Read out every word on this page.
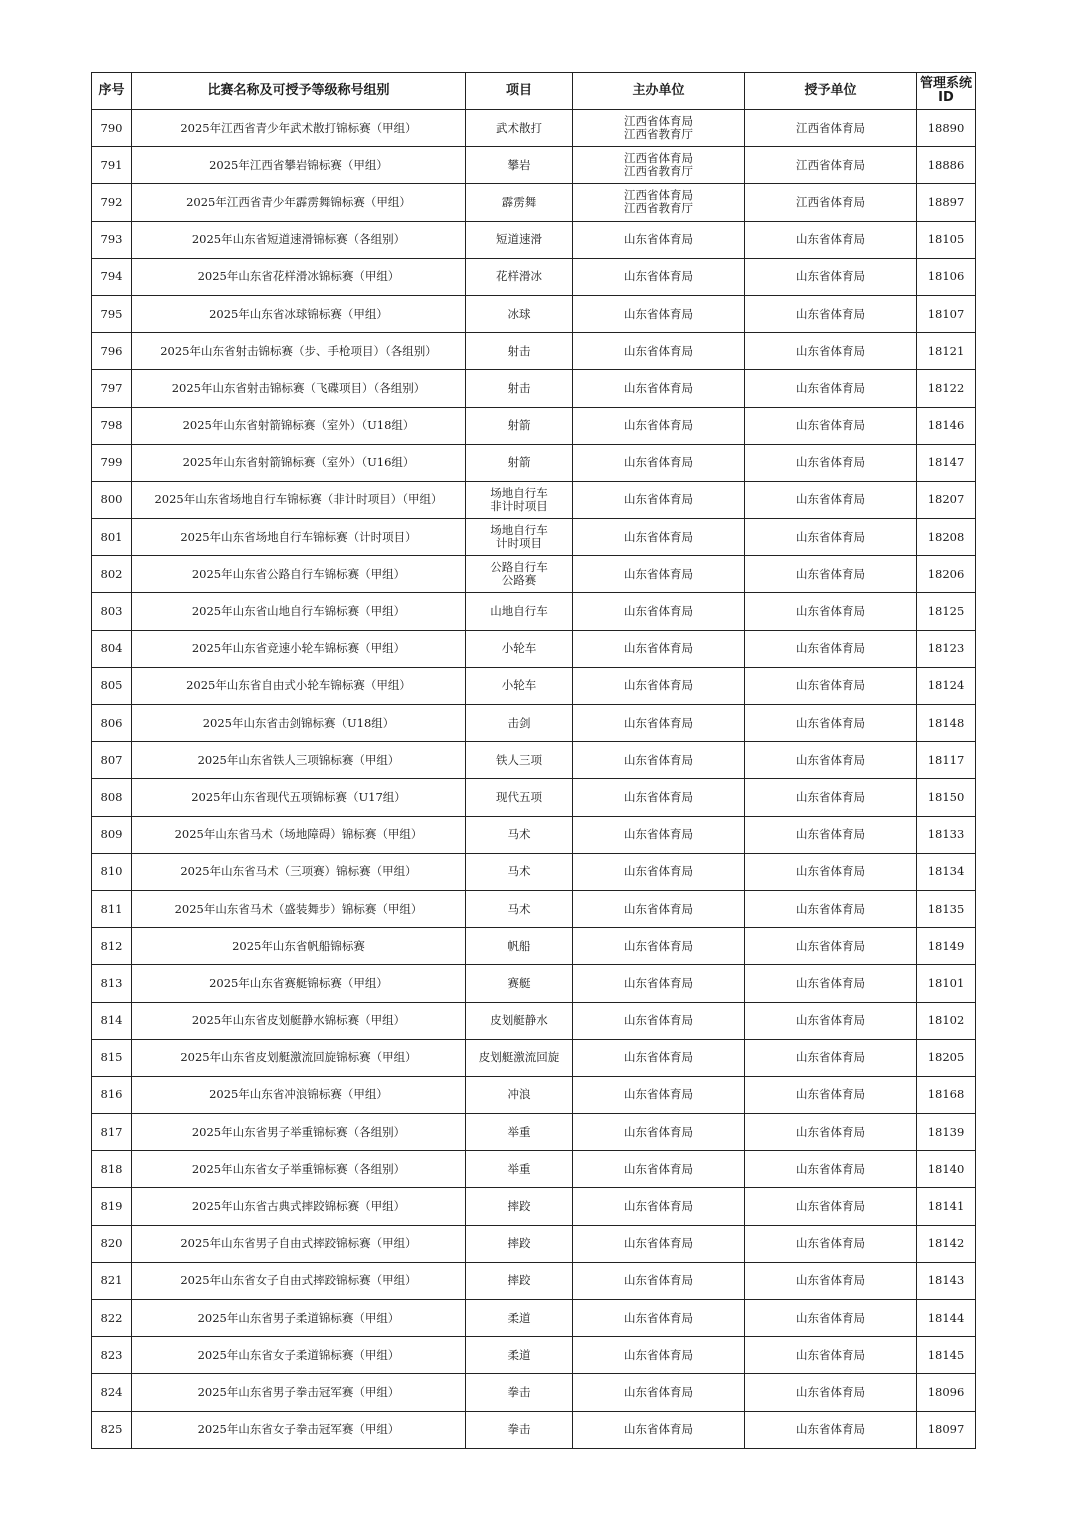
序号	比赛名称及可授予等级称号组别	项目	主办单位	授予单位	管理系统
ID
790	2025年江西省青少年武术散打锦标赛（甲组）	武术散打	江西省体育局
江西省教育厅	江西省体育局	18890
791	2025年江西省攀岩锦标赛（甲组）	攀岩	江西省体育局
江西省教育厅	江西省体育局	18886
792	2025年江西省青少年霹雳舞锦标赛（甲组）	霹雳舞	江西省体育局
江西省教育厅	江西省体育局	18897
793	2025年山东省短道速滑锦标赛（各组别）	短道速滑	山东省体育局	山东省体育局	18105
794	2025年山东省花样滑冰锦标赛（甲组）	花样滑冰	山东省体育局	山东省体育局	18106
795	2025年山东省冰球锦标赛（甲组）	冰球	山东省体育局	山东省体育局	18107
796	2025年山东省射击锦标赛（步、手枪项目）（各组别）	射击	山东省体育局	山东省体育局	18121
797	2025年山东省射击锦标赛（飞碟项目）（各组别）	射击	山东省体育局	山东省体育局	18122
798	2025年山东省射箭锦标赛（室外）（U18组）	射箭	山东省体育局	山东省体育局	18146
799	2025年山东省射箭锦标赛（室外）（U16组）	射箭	山东省体育局	山东省体育局	18147
800	2025年山东省场地自行车锦标赛（非计时项目）（甲组）	场地自行车
非计时项目	山东省体育局	山东省体育局	18207
801	2025年山东省场地自行车锦标赛（计时项目）	场地自行车
计时项目	山东省体育局	山东省体育局	18208
802	2025年山东省公路自行车锦标赛（甲组）	公路自行车
公路赛	山东省体育局	山东省体育局	18206
803	2025年山东省山地自行车锦标赛（甲组）	山地自行车	山东省体育局	山东省体育局	18125
804	2025年山东省竞速小轮车锦标赛（甲组）	小轮车	山东省体育局	山东省体育局	18123
805	2025年山东省自由式小轮车锦标赛（甲组）	小轮车	山东省体育局	山东省体育局	18124
806	2025年山东省击剑锦标赛（U18组）	击剑	山东省体育局	山东省体育局	18148
807	2025年山东省铁人三项锦标赛（甲组）	铁人三项	山东省体育局	山东省体育局	18117
808	2025年山东省现代五项锦标赛（U17组）	现代五项	山东省体育局	山东省体育局	18150
809	2025年山东省马术（场地障碍）锦标赛（甲组）	马术	山东省体育局	山东省体育局	18133
810	2025年山东省马术（三项赛）锦标赛（甲组）	马术	山东省体育局	山东省体育局	18134
811	2025年山东省马术（盛装舞步）锦标赛（甲组）	马术	山东省体育局	山东省体育局	18135
812	2025年山东省帆船锦标赛	帆船	山东省体育局	山东省体育局	18149
813	2025年山东省赛艇锦标赛（甲组）	赛艇	山东省体育局	山东省体育局	18101
814	2025年山东省皮划艇静水锦标赛（甲组）	皮划艇静水	山东省体育局	山东省体育局	18102
815	2025年山东省皮划艇激流回旋锦标赛（甲组）	皮划艇激流回旋	山东省体育局	山东省体育局	18205
816	2025年山东省冲浪锦标赛（甲组）	冲浪	山东省体育局	山东省体育局	18168
817	2025年山东省男子举重锦标赛（各组别）	举重	山东省体育局	山东省体育局	18139
818	2025年山东省女子举重锦标赛（各组别）	举重	山东省体育局	山东省体育局	18140
819	2025年山东省古典式摔跤锦标赛（甲组）	摔跤	山东省体育局	山东省体育局	18141
820	2025年山东省男子自由式摔跤锦标赛（甲组）	摔跤	山东省体育局	山东省体育局	18142
821	2025年山东省女子自由式摔跤锦标赛（甲组）	摔跤	山东省体育局	山东省体育局	18143
822	2025年山东省男子柔道锦标赛（甲组）	柔道	山东省体育局	山东省体育局	18144
823	2025年山东省女子柔道锦标赛（甲组）	柔道	山东省体育局	山东省体育局	18145
824	2025年山东省男子拳击冠军赛（甲组）	拳击	山东省体育局	山东省体育局	18096
825	2025年山东省女子拳击冠军赛（甲组）	拳击	山东省体育局	山东省体育局	18097
